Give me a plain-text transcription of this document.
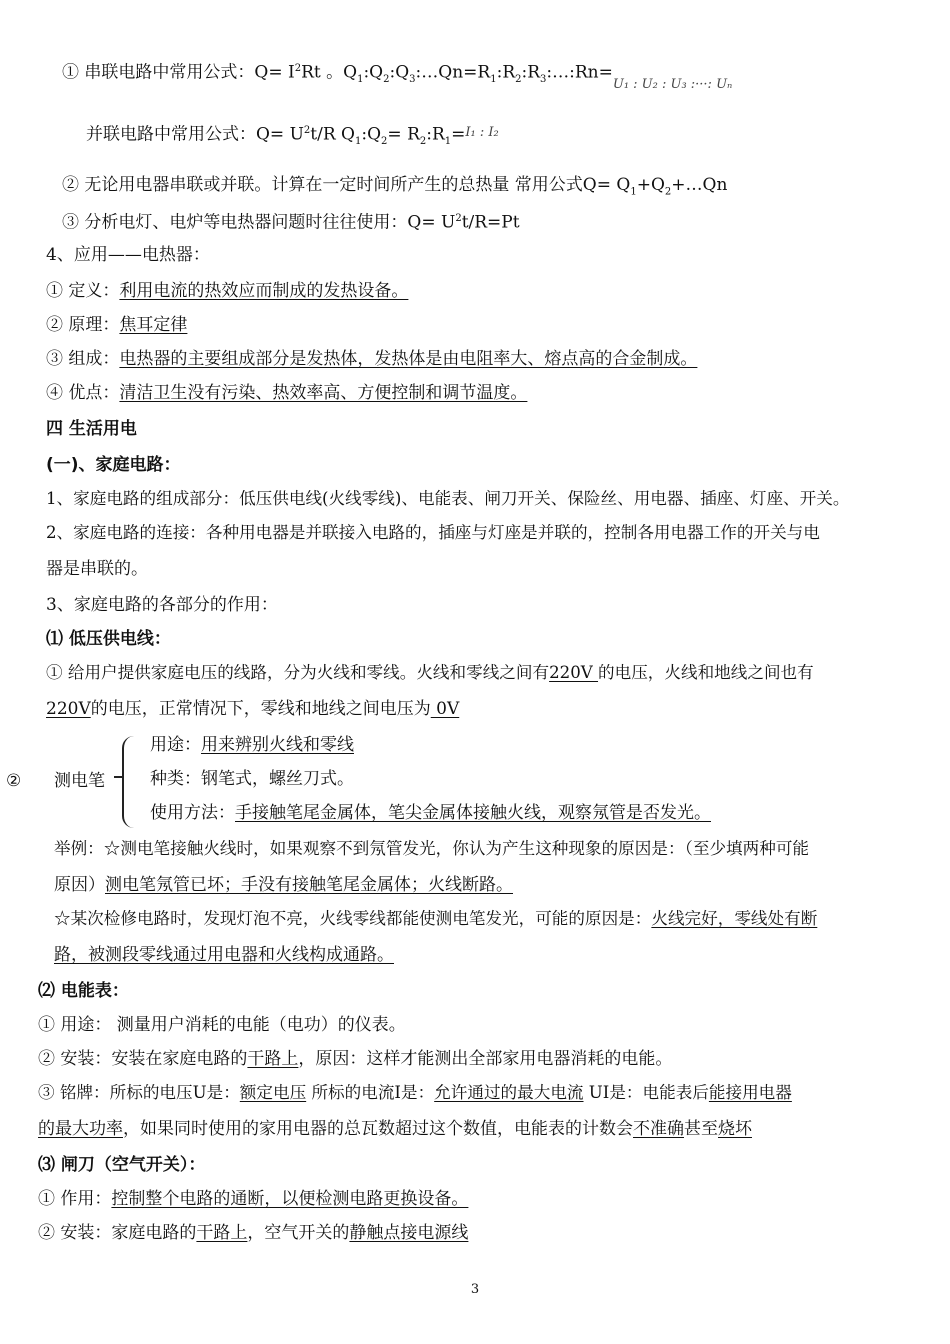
① 串联电路中常用公式：$Q= I^2Rt$ 。$Q_1:Q_2:Q_3:\dots Qn=R_1:R_2:R_3:\dots:Rn=_{U_1 : U_2 : U_3 :\cdot\cdot\cdot: U_n}$
并联电路中常用公式：$Q= U^2t/R$ $Q_1:Q_2=$ $R_2:R_1=^{I_1 : I_2}$
② 无论用电器串联或并联。计算在一定时间所产生的总热量 常用公式$Q= Q_1+Q_2+\dots Qn$
③ 分析电灯、电炉等电热器问题时往往使用：$Q= U^2t/R=Pt$
4、应用——电热器：
① 定义：利用电流的热效应而制成的发热设备。
② 原理：焦耳定律
③ 组成：电热器的主要组成部分是发热体，发热体是由电阻率大、熔点高的合金制成。
④ 优点：清洁卫生没有污染、热效率高、方便控制和调节温度。
四 生活用电
(一)、家庭电路：
1、家庭电路的组成部分：低压供电线(火线零线)、电能表、闸刀开关、保险丝、用电器、插座、灯座、开关。
2、家庭电路的连接：各种用电器是并联接入电路的，插座与灯座是并联的，控制各用电器工作的开关与电
器是串联的。
3、家庭电路的各部分的作用：
⑴ 低压供电线：
① 给用户提供家庭电压的线路，分为火线和零线。火线和零线之间有220V 的电压，火线和地线之间也有
220V的电压，正常情况下，零线和地线之间电压为 0V
② 测电笔
用途：用来辨别火线和零线
种类：钢笔式，螺丝刀式。
使用方法：手接触笔尾金属体，笔尖金属体接触火线，观察氖管是否发光。
举例：☆测电笔接触火线时，如果观察不到氖管发光，你认为产生这种现象的原因是：（至少填两种可能
原因）测电笔氖管已坏；手没有接触笔尾金属体；火线断路。
☆某次检修电路时，发现灯泡不亮，火线零线都能使测电笔发光，可能的原因是：火线完好，零线处有断
路，被测段零线通过用电器和火线构成通路。
⑵ 电能表：
① 用途： 测量用户消耗的电能（电功）的仪表。
② 安装：安装在家庭电路的干路上，原因：这样才能测出全部家用电器消耗的电能。
③ 铭牌：所标的电压U是：额定电压 所标的电流I是：允许通过的最大电流 UI是：电能表后能接用电器
的最大功率，如果同时使用的家用电器的总瓦数超过这个数值，电能表的计数会不准确甚至烧坏
⑶ 闸刀（空气开关）：
① 作用：控制整个电路的通断，以便检测电路更换设备。
② 安装：家庭电路的干路上，空气开关的静触点接电源线
3
